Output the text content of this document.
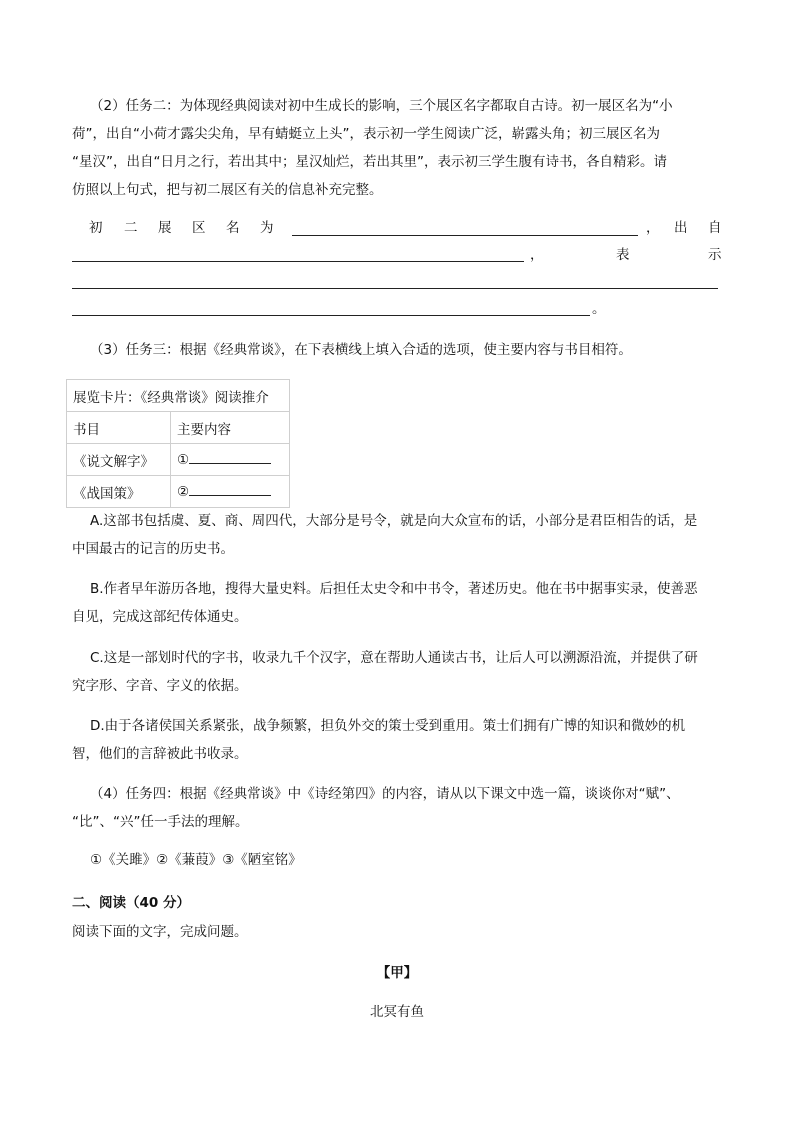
（2）任务二：为体现经典阅读对初中生成长的影响，三个展区名字都取自古诗。初一展区名为“小
荷”，出自“小荷才露尖尖角，早有蜻蜓立上头”，表示初一学生阅读广泛，崭露头角；初三展区名为
“星汉”，出自“日月之行，若出其中；星汉灿烂，若出其里”，表示初三学生腹有诗书，各自精彩。请
仿照以上句式，把与初二展区有关的信息补充完整。
初 二 展 区 名 为	， 出 自
，	表	示
。
（3）任务三：根据《经典常谈》，在下表横线上填入合适的选项，使主要内容与书目相符。
展览卡片：《经典常谈》阅读推介	
书目	主要内容
《说文解字》	①
《战国策》	②
A.这部书包括虞、夏、商、周四代，大部分是号令，就是向大众宣布的话，小部分是君臣相告的话，是
中国最古的记言的历史书。
B.作者早年游历各地，搜得大量史料。后担任太史令和中书令，著述历史。他在书中据事实录，使善恶
自见，完成这部纪传体通史。
C.这是一部划时代的字书，收录九千个汉字，意在帮助人通读古书，让后人可以溯源沿流，并提供了研
究字形、字音、字义的依据。
D.由于各诸侯国关系紧张，战争频繁，担负外交的策士受到重用。策士们拥有广博的知识和微妙的机
智，他们的言辞被此书收录。
（4）任务四：根据《经典常谈》中《诗经第四》的内容，请从以下课文中选一篇，谈谈你对“赋”、
“比”、“兴”任一手法的理解。
①《关雎》②《蒹葭》③《陋室铭》
二、阅读（40 分）
阅读下面的文字，完成问题。
【甲】
北冥有鱼
